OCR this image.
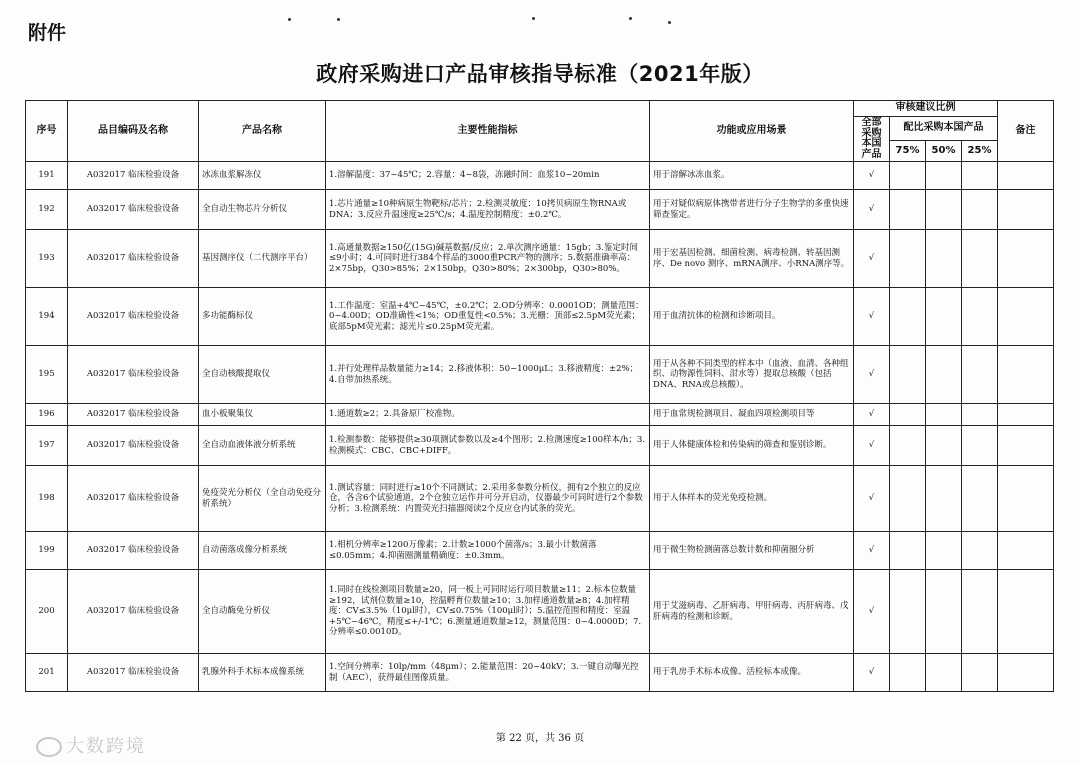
附件
政府采购进口产品审核指导标准（2021年版）
序号	品目编码及名称	产品名称	主要性能指标	功能或应用场景	审核建议比例				备注
					全部采购本国产品	配比采购本国产品			
						75%	50%	25%	
191	A032017 临床检验设备	冰冻血浆解冻仪	1.溶解温度：37~45℃；2.容量：4~8袋，冻融时间：血浆10~20min	用于溶解冰冻血浆。	√				
192	A032017 临床检验设备	全自动生物芯片分析仪	1.芯片通量≥10种病原生物靶标/芯片；2.检测灵敏度：10拷贝病原生物RNA或DNA；3.反应升温速度≥25℃/s；4.温度控制精度：±0.2℃。	用于对疑似病原体携带者进行分子生物学的多重快速筛查鉴定。	√				
193	A032017 临床检验设备	基因测序仪（二代测序平台）	1.高通量数据≥150亿(15G)碱基数据/反应；2.单次测序通量：15gb；3.鉴定时间≤9小时；4.可同时进行384个样品的3000重PCR产物的测序；5.数据准确率高：2×75bp，Q30>85%；2×150bp，Q30>80%；2×300bp，Q30>80%。	用于宏基因检测、细菌检测、病毒检测、转基因测序、De novo 测序、mRNA测序、小RNA测序等。	√				
194	A032017 临床检验设备	多功能酶标仪	1.工作温度：室温+4℃~45℃，±0.2℃；2.OD分辨率：0.0001OD；测量范围：0~4.00D；OD准确性<1%；OD重复性<0.5%；3.光栅：顶部≤2.5pM荧光素；底部5pM荧光素；滤光片≤0.25pM荧光素。	用于血清抗体的检测和诊断项目。	√				
195	A032017 临床检验设备	全自动核酸提取仪	1.并行处理样品数量能力≥14；2.移液体积：50~1000μL；3.移液精度：±2%；4.自带加热系统。	用于从各种不同类型的样本中（血液、血清、各种组织、动物源性饲料、泔水等）提取总核酸（包括DNA、RNA或总核酸）。	√				
196	A032017 临床检验设备	血小板聚集仪	1.通道数≥2；2.具备原厂校准物。	用于血常规检测项目、凝血四项检测项目等	√				
197	A032017 临床检验设备	全自动血液体液分析系统	1.检测参数：能够提供≥30项测试参数以及≥4个图形；2.检测速度≥100样本/h；3.检测模式：CBC、CBC+DIFF。	用于人体健康体检和传染病的筛查和鉴别诊断。	√				
198	A032017 临床检验设备	免疫荧光分析仪（全自动免疫分析系统）	1.测试容量：同时进行≥10个不同测试；2.采用多参数分析仪，拥有2个独立的反应仓，各含6个试验通道，2个仓独立运作并可分开启动，仪器最少可同时进行2个参数分析；3.检测系统：内置荧光扫描器阅读2个反应仓内试条的荧光。	用于人体样本的荧光免疫检测。	√				
199	A032017 临床检验设备	自动菌落成像分析系统	1.相机分辨率≥1200万像素；2.计数≥1000个菌落/s；3.最小计数菌落≤0.05mm；4.抑菌圈测量精确度：±0.3mm。	用于微生物检测菌落总数计数和抑菌圈分析	√				
200	A032017 临床检验设备	全自动酶免分析仪	1.同时在线检测项目数量≥20，同一板上可同时运行项目数量≥11；2.标本位数量≥192，试剂位数量≥10，控温孵育位数量≥10；3.加样通道数量≥8；4.加样精度：CV≤3.5%（10μl时），CV≤0.75%（100μl时）；5.温控范围和精度：室温+5℃~46℃，精度≤+/-1℃；6.测量通道数量≥12，测量范围：0~4.0000D；7.分辨率≤0.0010D。	用于艾滋病毒、乙肝病毒、甲肝病毒、丙肝病毒、戊肝病毒的检测和诊断。	√				
201	A032017 临床检验设备	乳腺外科手术标本成像系统	1.空间分辨率：10lp/mm（48μm）；2.能量范围：20~40kV；3.一键自动曝光控制（AEC），获得最佳图像质量。	用于乳房手术标本成像、活检标本成像。	√				
第 22 页，共 36 页
大数跨境
